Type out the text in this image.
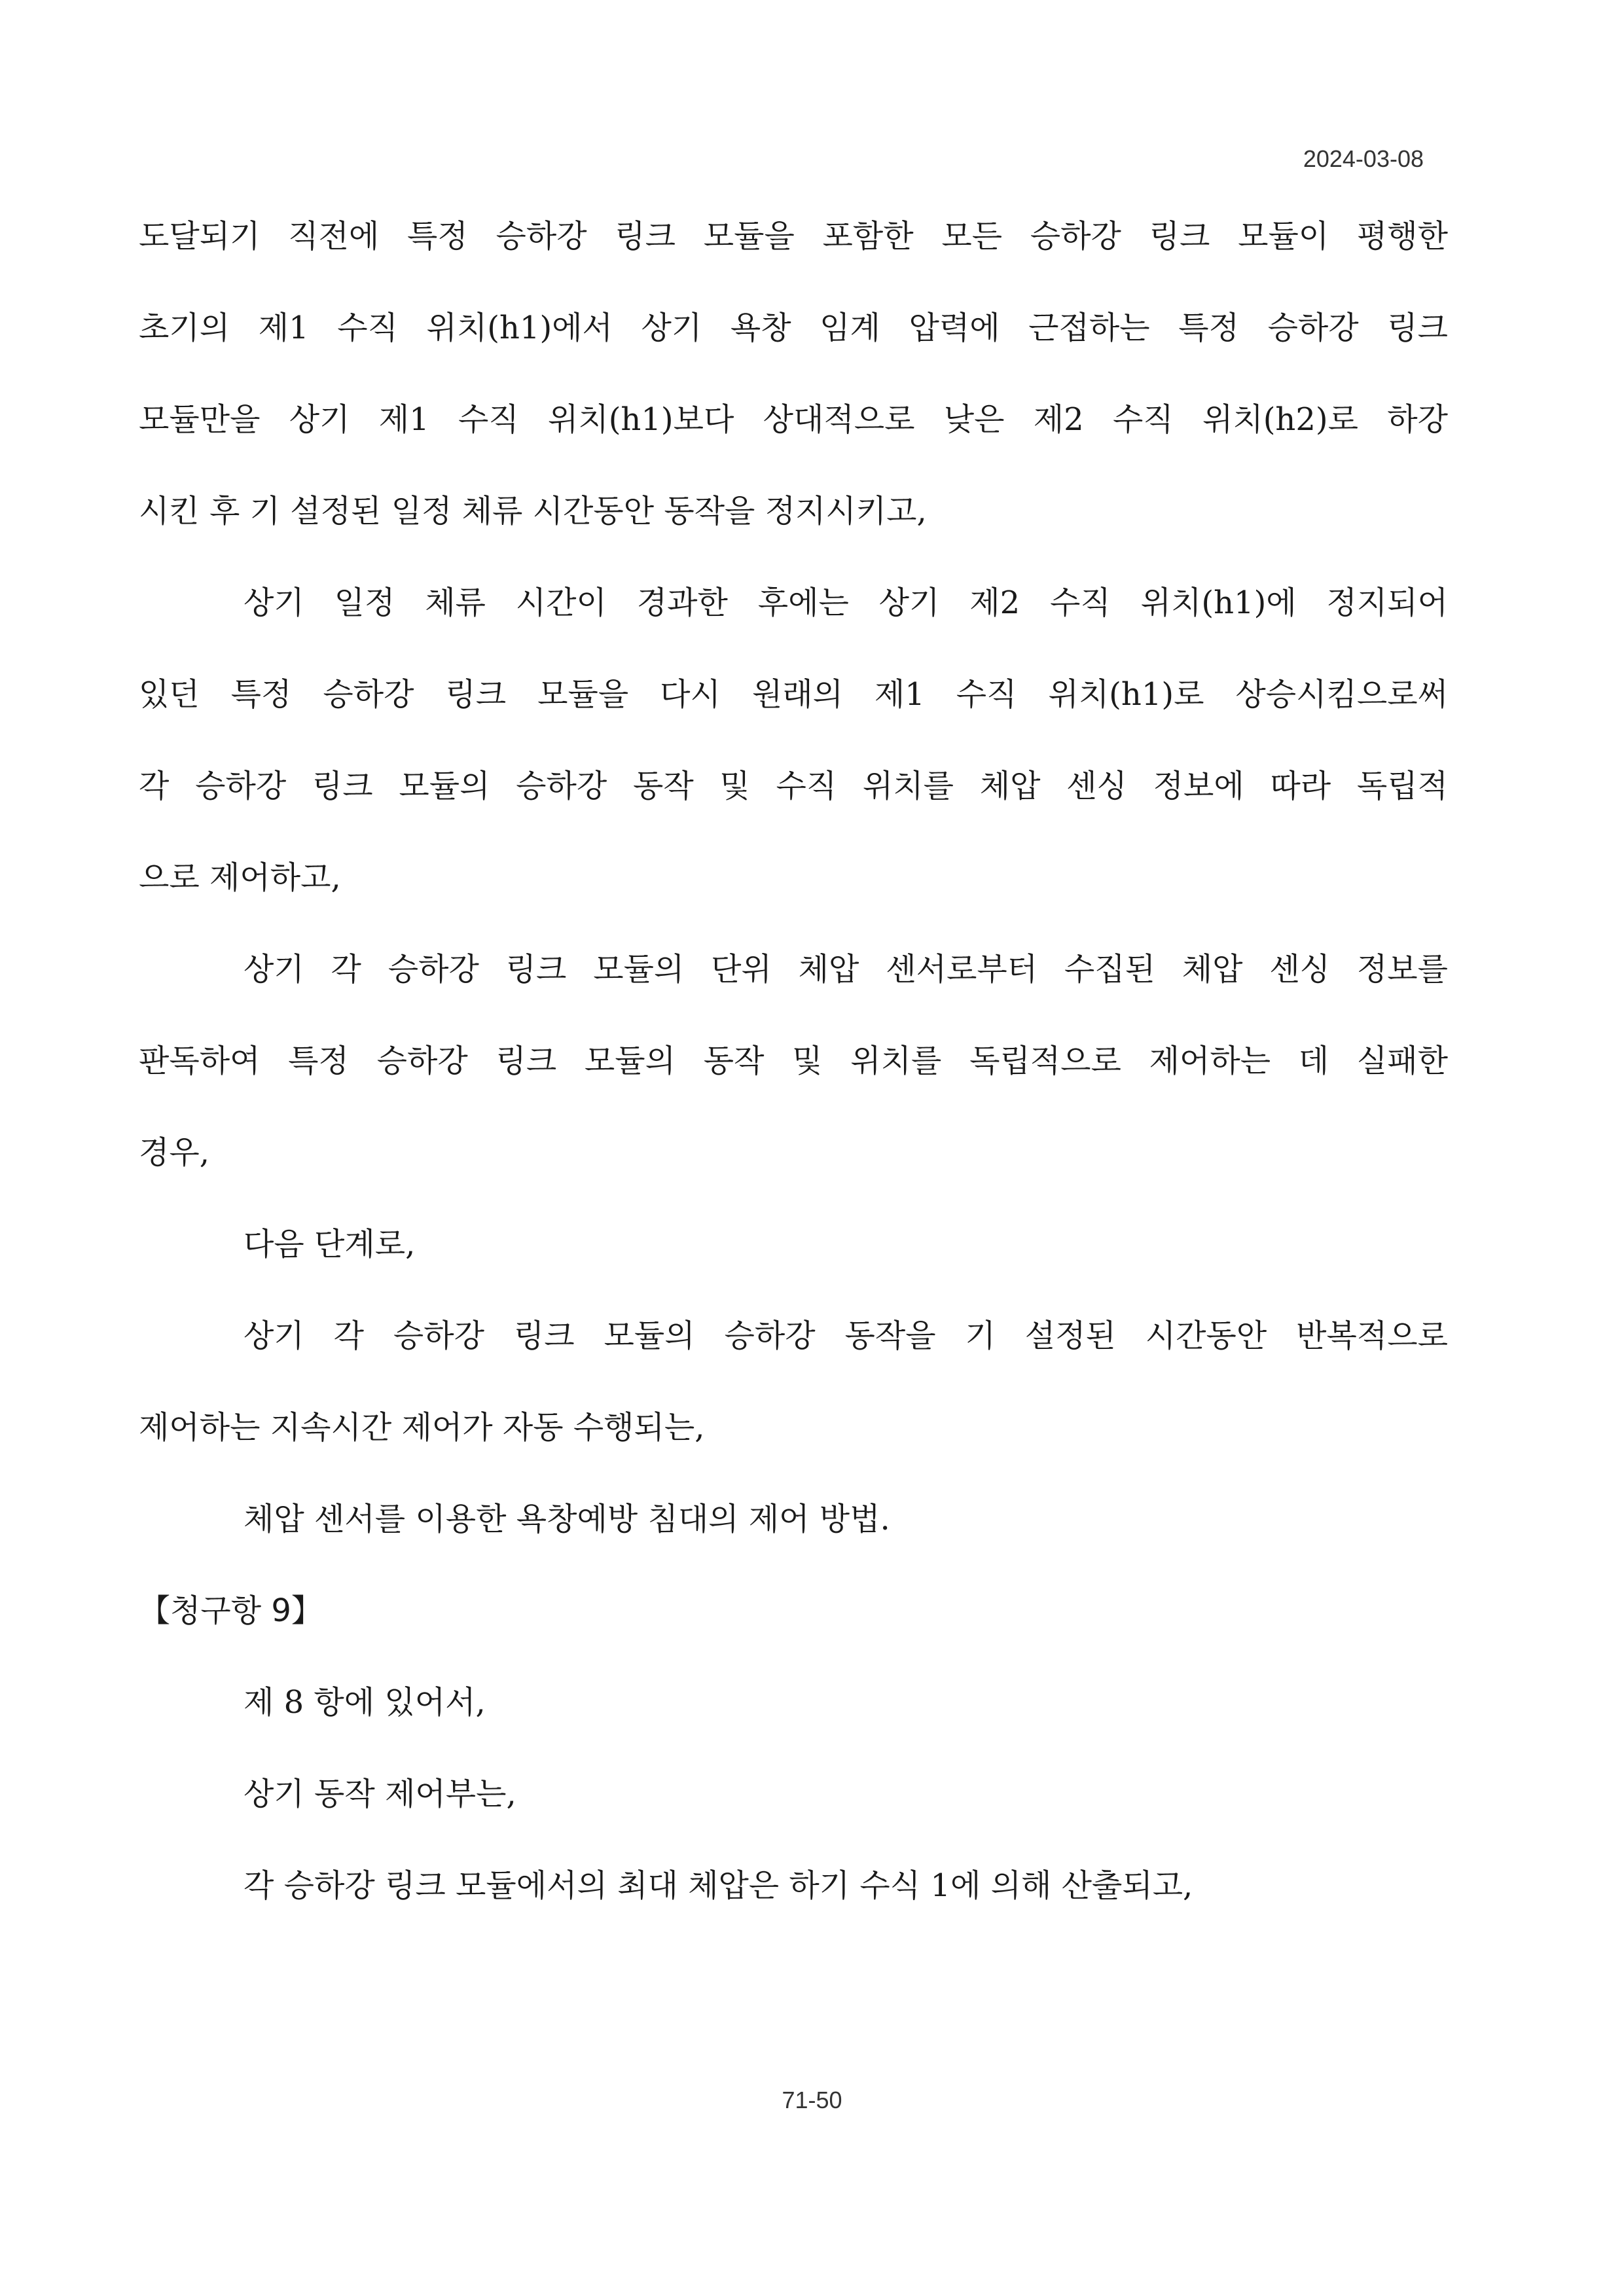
2024-03-08
도달되기 직전에 특정 승하강 링크 모듈을 포함한 모든 승하강 링크 모듈이 평행한
초기의 제1 수직 위치(h1)에서 상기 욕창 임계 압력에 근접하는 특정 승하강 링크
모듈만을 상기 제1 수직 위치(h1)보다 상대적으로 낮은 제2 수직 위치(h2)로 하강
시킨 후 기 설정된 일정 체류 시간동안 동작을 정지시키고,
상기 일정 체류 시간이 경과한 후에는 상기 제2 수직 위치(h1)에 정지되어
있던 특정 승하강 링크 모듈을 다시 원래의 제1 수직 위치(h1)로 상승시킴으로써
각 승하강 링크 모듈의 승하강 동작 및 수직 위치를 체압 센싱 정보에 따라 독립적
으로 제어하고,
상기 각 승하강 링크 모듈의 단위 체압 센서로부터 수집된 체압 센싱 정보를
판독하여 특정 승하강 링크 모듈의 동작 및 위치를 독립적으로 제어하는 데 실패한
경우,
다음 단계로,
상기 각 승하강 링크 모듈의 승하강 동작을 기 설정된 시간동안 반복적으로
제어하는 지속시간 제어가 자동 수행되는,
체압 센서를 이용한 욕창예방 침대의 제어 방법.
【청구항 9】
제 8 항에 있어서,
상기 동작 제어부는,
각 승하강 링크 모듈에서의 최대 체압은 하기 수식 1에 의해 산출되고,
71-50
